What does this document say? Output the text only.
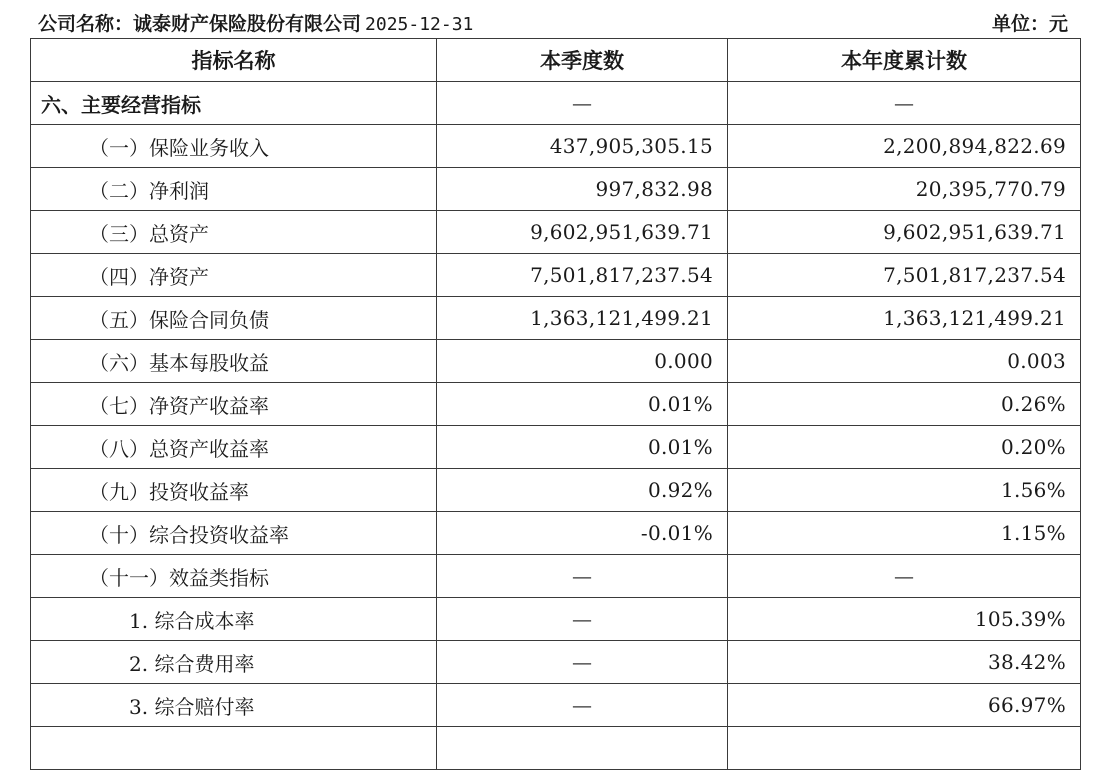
公司名称：诚泰财产保险股份有限公司 2025-12-31	单位：元
指标名称	本季度数	本年度累计数
六、主要经营指标	—	—
（一）保险业务收入	437,905,305.15	2,200,894,822.69
（二）净利润	997,832.98	20,395,770.79
（三）总资产	9,602,951,639.71	9,602,951,639.71
（四）净资产	7,501,817,237.54	7,501,817,237.54
（五）保险合同负债	1,363,121,499.21	1,363,121,499.21
（六）基本每股收益	0.000	0.003
（七）净资产收益率	0.01%	0.26%
（八）总资产收益率	0.01%	0.20%
（九）投资收益率	0.92%	1.56%
（十）综合投资收益率	-0.01%	1.15%
（十一）效益类指标	—	—
1. 综合成本率	—	105.39%
2. 综合费用率	—	38.42%
3. 综合赔付率	—	66.97%
